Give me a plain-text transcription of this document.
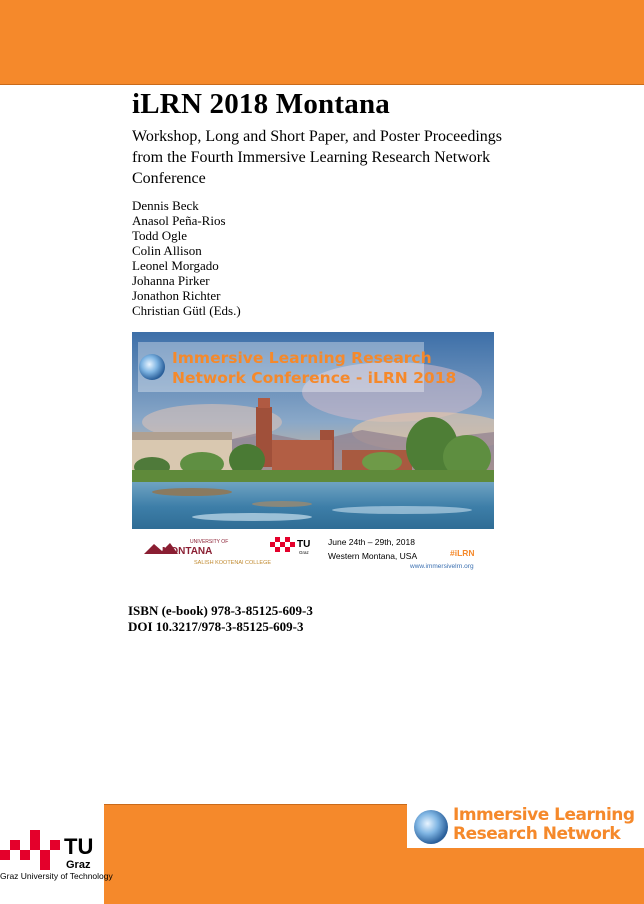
iLRN 2018 Montana
Workshop, Long and Short Paper, and Poster Proceedings from the Fourth Immersive Learning Research Network Conference
Dennis Beck
Anasol Peña-Rios
Todd Ogle
Colin Allison
Leonel Morgado
Johanna Pirker
Jonathon Richter
Christian Gütl (Eds.)
Immersive Learning Research
Network Conference - iLRN 2018
UNIVERSITY OF
MONTANA
SALISH KOOTENAI COLLEGE
TU
Graz
June 24th – 29th, 2018
Western Montana, USA	#iLRN
www.immersivelrn.org
ISBN (e-book) 978-3-85125-609-3
DOI 10.3217/978-3-85125-609-3
TU
Graz
Graz University of Technology
Immersive Learning
Research Network
